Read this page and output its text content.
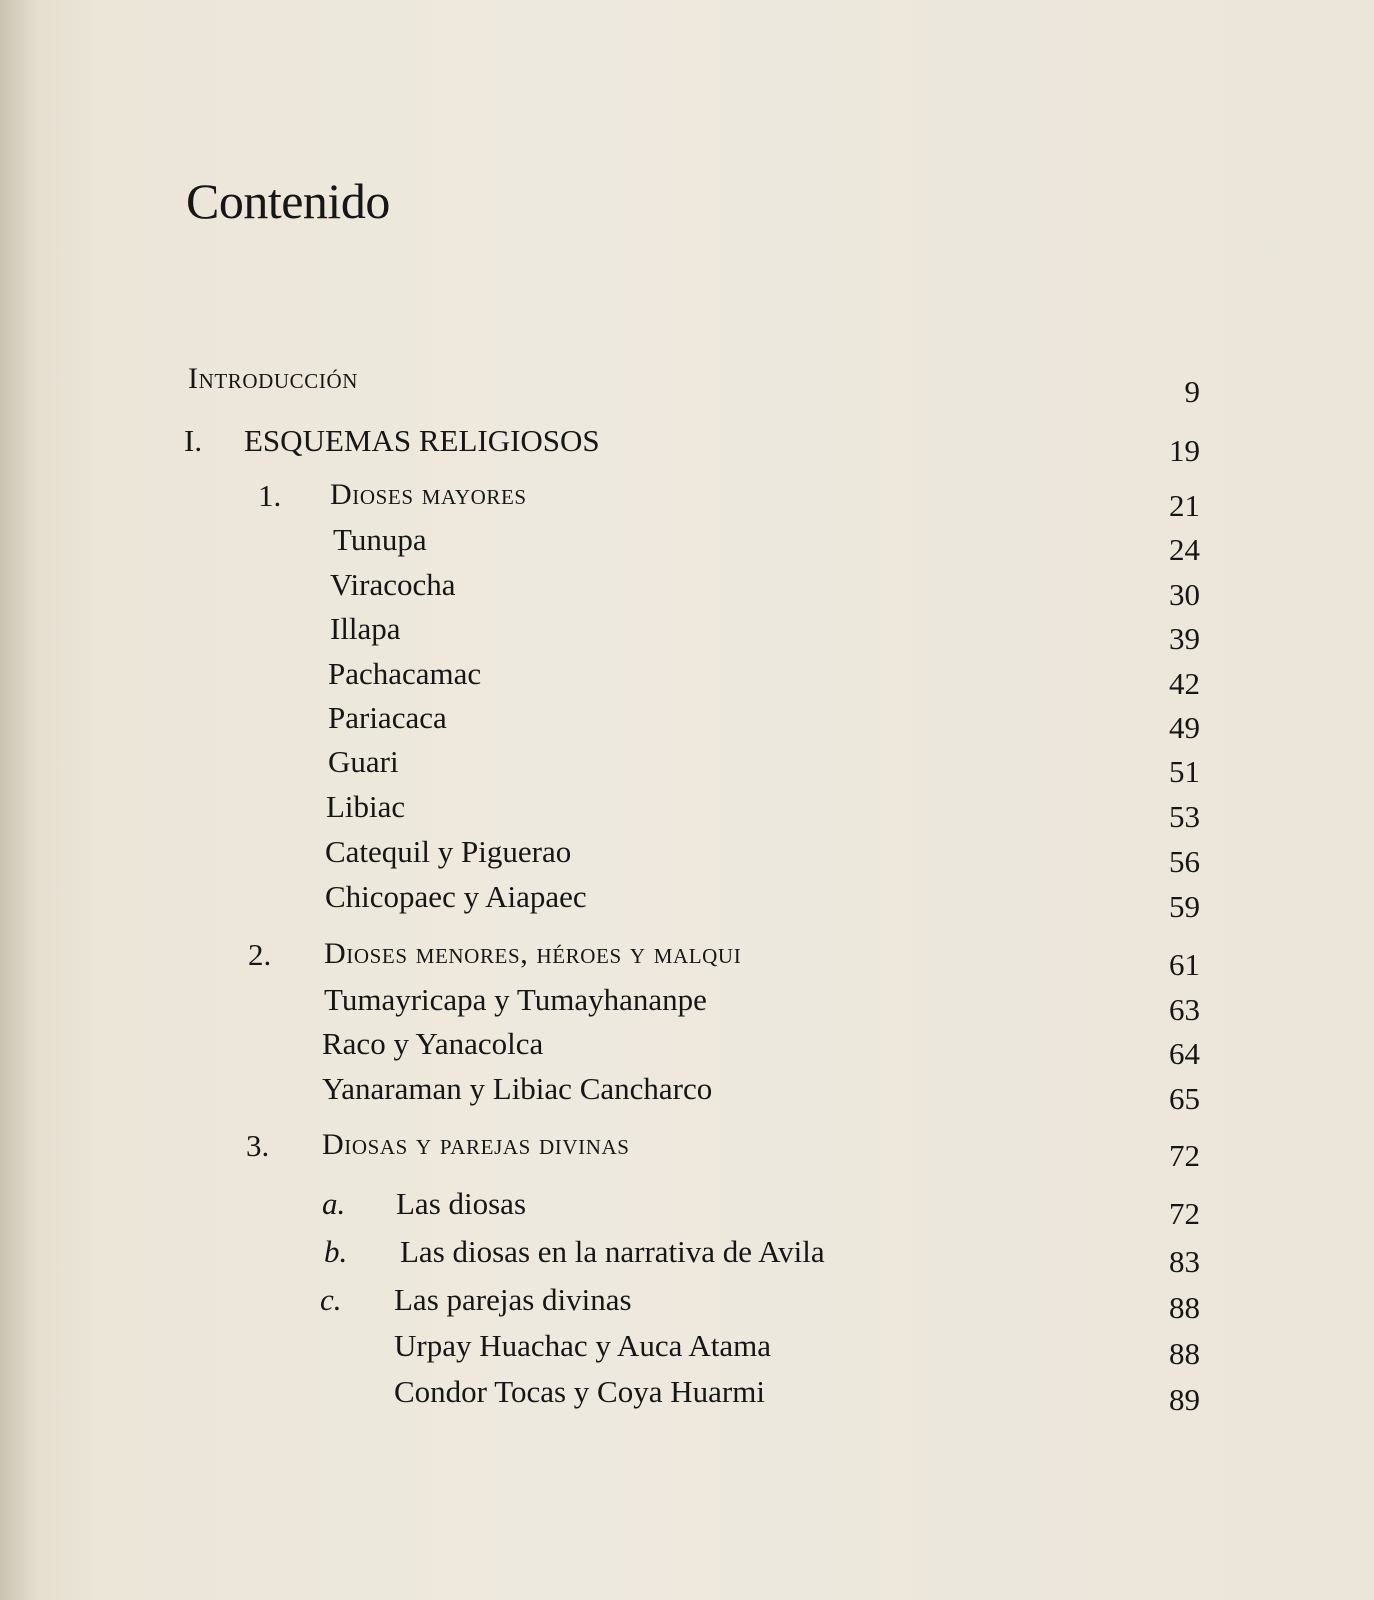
Contenido
Introducción	9
I. ESQUEMAS RELIGIOSOS	19
1. Dioses mayores	21
Tunupa	24
Viracocha	30
Illapa	39
Pachacamac	42
Pariacaca	49
Guari	51
Libiac	53
Catequil y Piguerao	56
Chicopaec y Aiapaec	59
2. Dioses menores, héroes y malqui	61
Tumayricapa y Tumayhananpe	63
Raco y Yanacolca	64
Yanaraman y Libiac Cancharco	65
3. Diosas y parejas divinas	72
a. Las diosas	72
b. Las diosas en la narrativa de Avila	83
c. Las parejas divinas	88
Urpay Huachac y Auca Atama	88
Condor Tocas y Coya Huarmi	89
